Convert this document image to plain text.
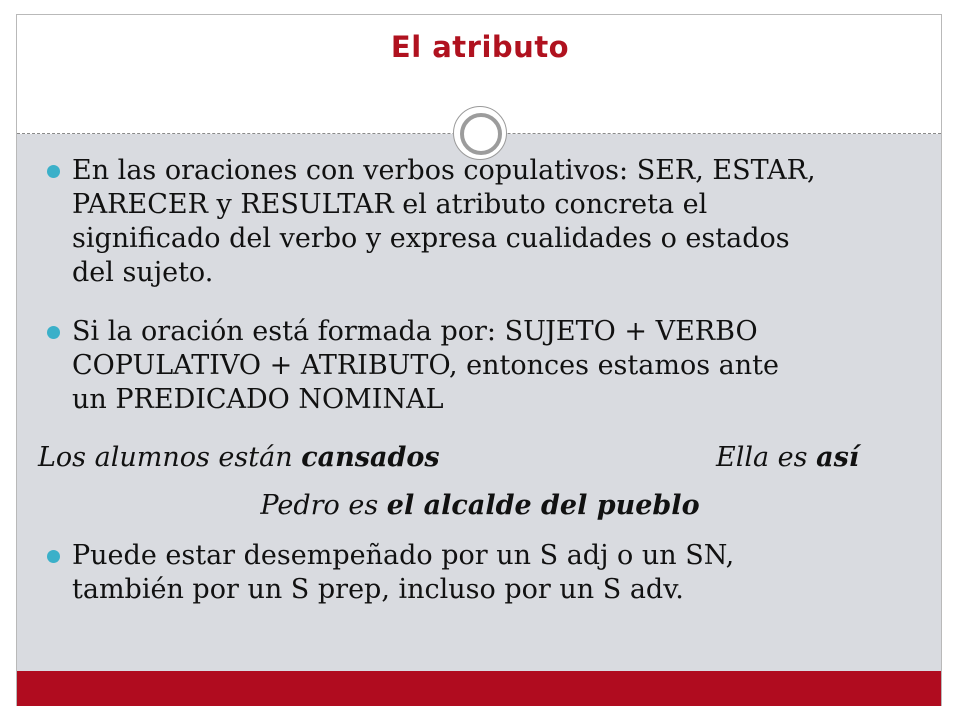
El atributo
En las oraciones con verbos copulativos: SER, ESTAR,
PARECER y RESULTAR el atributo concreta el
significado del verbo y expresa cualidades o estados
del sujeto.
Si la oración está formada por: SUJETO + VERBO
COPULATIVO + ATRIBUTO, entonces estamos ante
un PREDICADO NOMINAL
Los alumnos están cansados	Ella es así
Pedro es el alcalde del pueblo
Puede estar desempeñado por un S adj o un SN,
también por un S prep, incluso por un S adv.
